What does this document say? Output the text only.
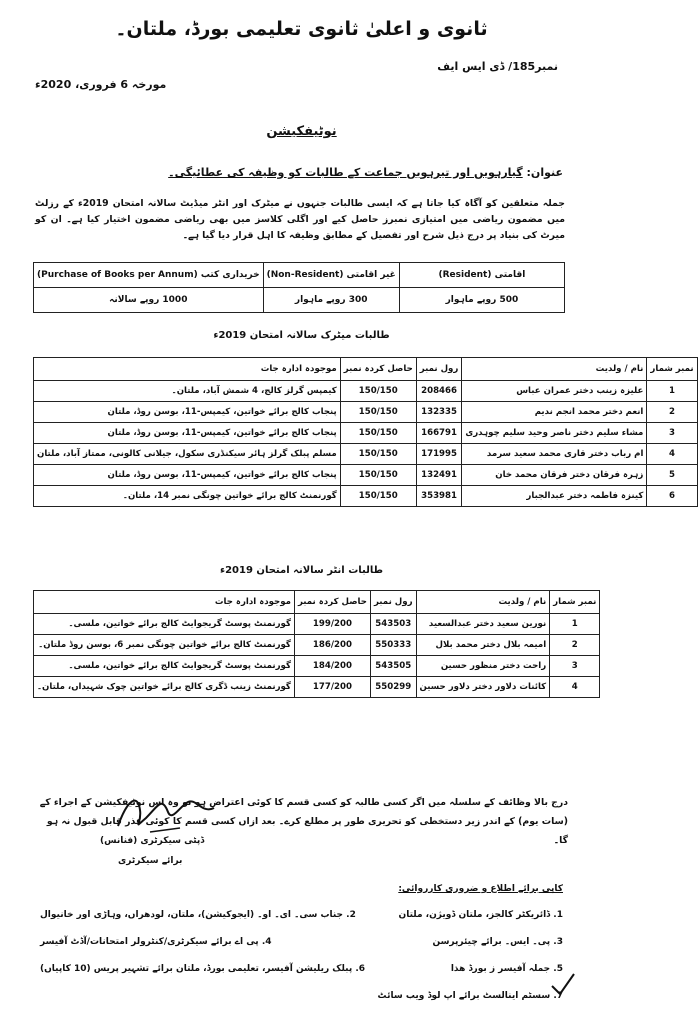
ثانوی و اعلیٰ ثانوی تعلیمی بورڈ، ملتان۔
نمبر185/ ڈی ایس ایف
مورخہ 6 فروری، 2020ء
نوٹیفکیشن
عنوان: گیارہویں اور تیرہویں جماعت کے طالبات کو وظیفہ کی عطائیگی۔
جملہ متعلقین کو آگاہ کیا جاتا ہے کہ ایسی طالبات جنہوں نے میٹرک اور انٹر میڈیٹ سالانہ امتحان 2019ء کے رزلٹ میں مضمون ریاضی میں امتیازی نمبرز حاصل کیے اور اگلی کلاسز میں بھی ریاضی مضمون اختیار کیا ہے۔ ان کو میرٹ کی بنیاد پر درج ذیل شرح اور تفصیل کے مطابق وظیفہ کا اہل قرار دیا گیا ہے۔
اقامتی (Resident)	غیر اقامتی (Non-Resident)	خریداری کتب (Purchase of Books per Annum)
500 روپے ماہوار	300 روپے ماہوار	1000 روپے سالانہ
طالبات میٹرک سالانہ امتحان 2019ء
نمبر شمار	نام / ولدیت	رول نمبر	حاصل کردہ نمبر	موجودہ ادارہ جات
1	علیزہ زینب دختر عمران عباس	208466	150/150	کیمپس گرلز کالج، 4 شمش آباد، ملتان۔
2	انعم دختر محمد انجم ندیم	132335	150/150	پنجاب کالج برائے خواتین، کیمپس-11، بوسن روڈ، ملتان
3	مشاء سلیم دختر ناصر وحید سلیم چوہدری	166791	150/150	پنجاب کالج برائے خواتین، کیمپس-11، بوسن روڈ، ملتان
4	ام رباب دختر قاری محمد سعید سرمد	171995	150/150	مسلم پبلک گرلز ہائر سیکنڈری سکول، جیلانی کالونی، ممتاز آباد، ملتان
5	زہرہ فرقان دختر فرقان محمد خان	132491	150/150	پنجاب کالج برائے خواتین، کیمپس-11، بوسن روڈ، ملتان
6	کینزہ فاطمہ دختر عبدالجبار	353981	150/150	گورنمنٹ کالج برائے خواتین چونگی نمبر 14، ملتان۔
طالبات انٹر سالانہ امتحان 2019ء
نمبر شمار	نام / ولدیت	رول نمبر	حاصل کردہ نمبر	موجودہ ادارہ جات
1	نورین سعید دختر عبدالسعید	543503	199/200	گورنمنٹ پوسٹ گریجوایٹ کالج برائے خواتین، ملسی۔
2	امیمہ بلال دختر محمد بلال	550333	186/200	گورنمنٹ کالج برائے خواتین چونگی نمبر 6، بوسن روڈ ملتان۔
3	راحت دختر منظور حسین	543505	184/200	گورنمنٹ پوسٹ گریجوایٹ کالج برائے خواتین، ملسی۔
4	کائنات دلاور دختر دلاور حسین	550299	177/200	گورنمنٹ زینب ڈگری کالج برائے خواتین چوک شہیداں، ملتان۔
درج بالا وظائف کے سلسلہ میں اگر کسی طالبہ کو کسی قسم کا کوئی اعتراض ہو تو وہ اس نوٹیفکیشن کے اجراء کے (سات یوم) کے اندر زیر دستخطی کو تحریری طور پر مطلع کرے۔ بعد ازاں کسی قسم کا کوئی عذر قابل قبول نہ ہو گا۔
ڈپٹی سیکرٹری (فنانس)
برائے سیکرٹری
کاپی برائے اطلاع و ضروری کارروائی:
1. ڈائریکٹر کالجز، ملتان ڈویژن، ملتان
3. پی۔ ایس۔ برائے چیئرپرسن
5. جملہ آفیسر ز بورڈ ھذا
7. سسٹم اینالسٹ برائے اپ لوڈ ویب سائٹ
2. جناب سی۔ ای۔ او۔ (ایجوکیشن)، ملتان، لودھراں، وہاڑی اور خانیوال
4. پی اے برائے سیکرٹری/کنٹرولر امتحانات/آڈٹ آفیسر
6. پبلک ریلیشن آفیسر، تعلیمی بورڈ، ملتان برائے تشہیر پریس (10 کاپیاں)
